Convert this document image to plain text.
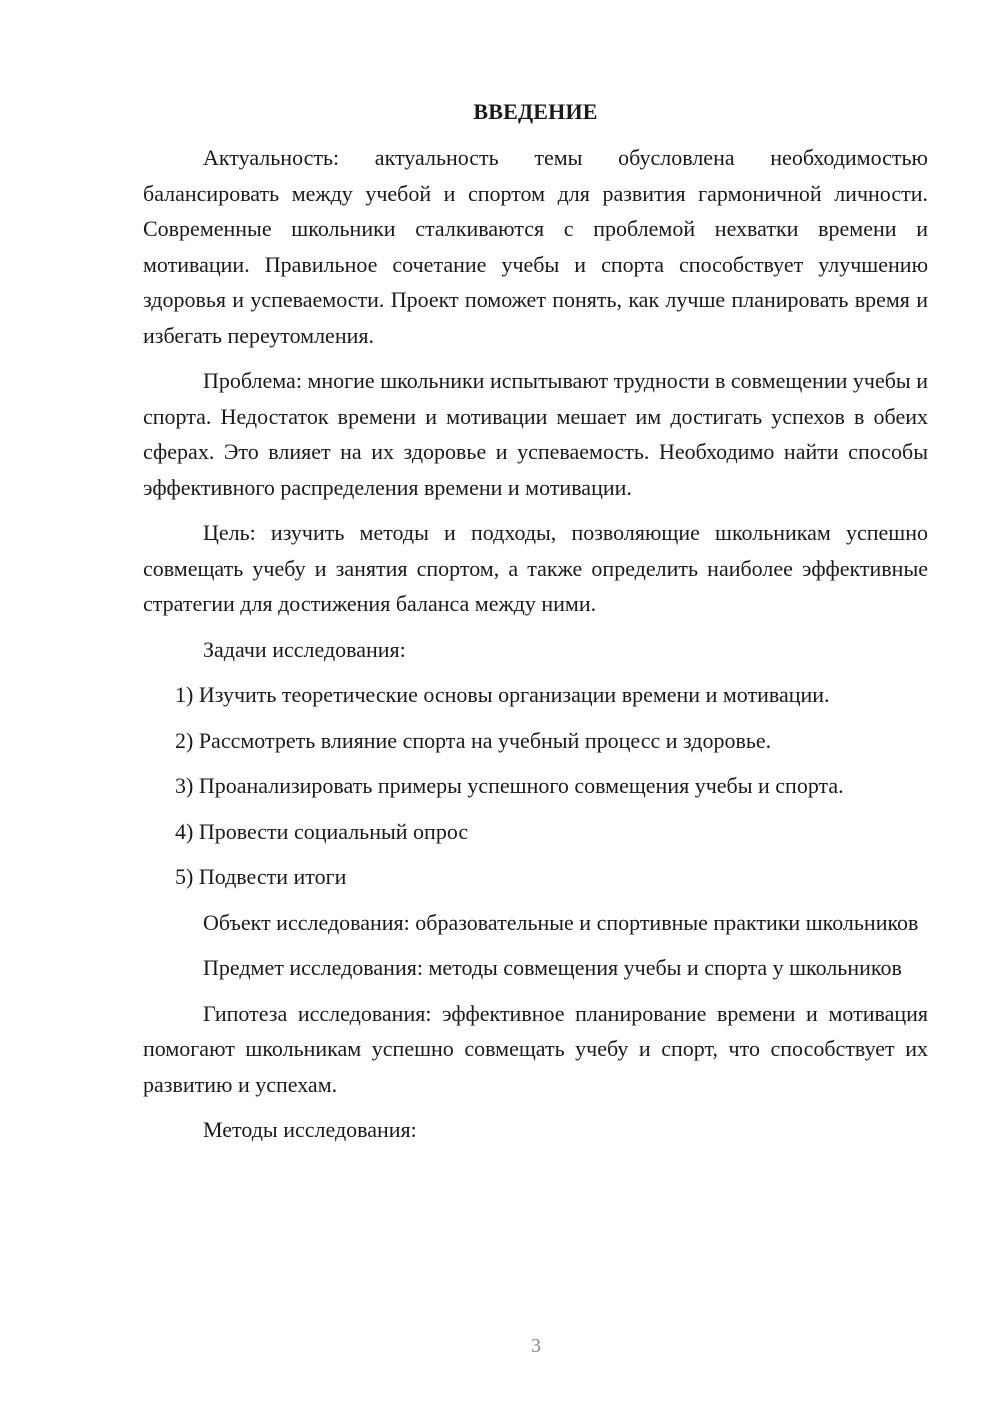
ВВЕДЕНИЕ

Актуальность: актуальность темы обусловлена необходимостью балансировать между учебой и спортом для развития гармоничной личности. Современные школьники сталкиваются с проблемой нехватки времени и мотивации. Правильное сочетание учебы и спорта способствует улучшению здоровья и успеваемости. Проект поможет понять, как лучше планировать время и избегать переутомления.

Проблема: многие школьники испытывают трудности в совмещении учебы и спорта. Недостаток времени и мотивации мешает им достигать успехов в обеих сферах. Это влияет на их здоровье и успеваемость. Необходимо найти способы эффективного распределения времени и мотивации.

Цель: изучить методы и подходы, позволяющие школьникам успешно совмещать учебу и занятия спортом, а также определить наиболее эффективные стратегии для достижения баланса между ними.

Задачи исследования:

1) Изучить теоретические основы организации времени и мотивации.

2) Рассмотреть влияние спорта на учебный процесс и здоровье.

3) Проанализировать примеры успешного совмещения учебы и спорта.

4) Провести социальный опрос

5) Подвести итоги

Объект исследования: образовательные и спортивные практики школьников

Предмет исследования: методы совмещения учебы и спорта у школьников

Гипотеза исследования: эффективное планирование времени и мотивация помогают школьникам успешно совмещать учебу и спорт, что способствует их развитию и успехам.

Методы исследования:

3
